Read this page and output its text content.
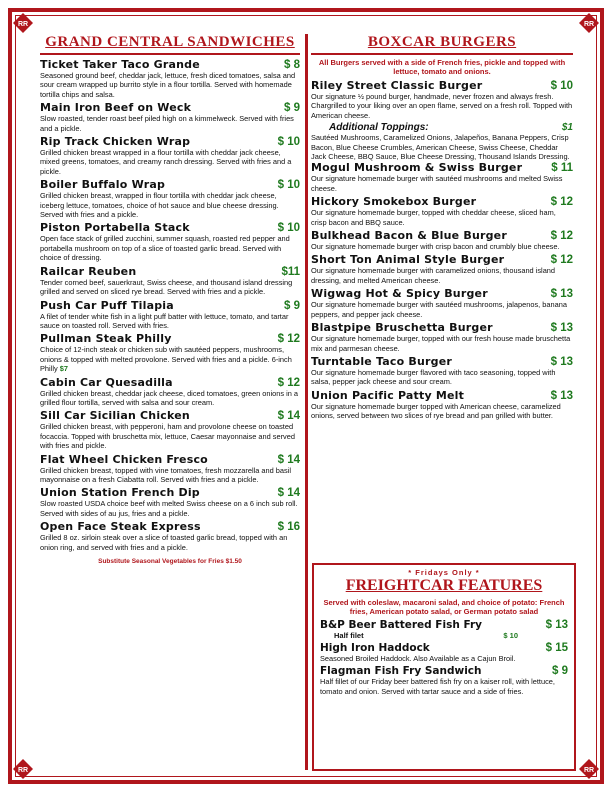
RR	RR
RR	RR
GRAND CENTRAL SANDWICHES
Ticket Taker Taco Grande	$ 8
Seasoned ground beef, cheddar jack, lettuce, fresh diced tomatoes, salsa and sour cream wrapped up burrito style in a flour tortilla. Served with homemade tortilla chips and salsa.
Main Iron Beef on Weck	$ 9
Slow roasted, tender roast beef piled high on a kimmelweck. Served with fries and a pickle.
Rip Track Chicken Wrap	$ 10
Grilled chicken breast wrapped in a flour tortilla with cheddar jack cheese, mixed greens, tomatoes, and creamy ranch dressing. Served with fries and a pickle.
Boiler Buffalo Wrap	$ 10
Grilled chicken breast, wrapped in flour tortilla with cheddar jack cheese, iceberg lettuce, tomatoes, choice of hot sauce and blue cheese dressing. Served with fries and a pickle.
Piston Portabella Stack	$ 10
Open face stack of grilled zucchini, summer squash, roasted red pepper and portabella mushroom on top of a slice of toasted garlic bread. Served with choice of dressing.
Railcar Reuben	$11
Tender corned beef, sauerkraut, Swiss cheese, and thousand island dressing grilled and served on sliced rye bread. Served with fries and a pickle.
Push Car Puff Tilapia	$ 9
A filet of tender white fish in a light puff batter with lettuce, tomato, and tartar sauce on toasted roll. Served with fries.
Pullman Steak Philly	$ 12
Choice of 12-inch steak or chicken sub with sautéed peppers, mushrooms, onions & topped with melted provolone. Served with fries and a pickle. 6-inch Philly $7
Cabin Car Quesadilla	$ 12
Grilled chicken breast, cheddar jack cheese, diced tomatoes, green onions in a grilled flour tortilla, served with salsa and sour cream.
Sill Car Sicilian Chicken	$ 14
Grilled chicken breast, with pepperoni, ham and provolone cheese on toasted focaccia. Topped with bruschetta mix, lettuce, Caesar mayonnaise and served with fries and pickle.
Flat Wheel Chicken Fresco	$ 14
Grilled chicken breast, topped with vine tomatoes, fresh mozzarella and basil mayonnaise on a fresh Ciabatta roll. Served with fries and a pickle.
Union Station French Dip	$ 14
Slow roasted USDA choice beef with melted Swiss cheese on a 6 inch sub roll. Served with sides of au jus, fries and a pickle.
Open Face Steak Express	$ 16
Grilled 8 oz. sirloin steak over a slice of toasted garlic bread, topped with an onion ring, and served with fries and a pickle.
Substitute Seasonal Vegetables for Fries $1.50
BOXCAR BURGERS
All Burgers served with a side of French fries, pickle and topped with lettuce, tomato and onions.
Riley Street Classic Burger	$ 10
Our signature ½ pound burger, handmade, never frozen and always fresh. Chargrilled to your liking over an open flame, served on a fresh roll. Topped with American cheese.
Additional Toppings:	$1
Sautéed Mushrooms, Caramelized Onions, Jalapeños, Banana Peppers, Crisp Bacon, Blue Cheese Crumbles, American Cheese, Swiss Cheese, Cheddar Jack Cheese, BBQ Sauce, Blue Cheese Dressing, Thousand Islands Dressing.
Mogul Mushroom & Swiss Burger	$ 11
Our signature homemade burger with sautéed mushrooms and melted Swiss cheese.
Hickory Smokebox Burger	$ 12
Our signature homemade burger, topped with cheddar cheese, sliced ham, crisp bacon and BBQ sauce.
Bulkhead Bacon & Blue Burger	$ 12
Our signature homemade burger with crisp bacon and crumbly blue cheese.
Short Ton Animal Style Burger	$ 12
Our signature homemade burger with caramelized onions, thousand island dressing, and melted American cheese.
Wigwag Hot & Spicy Burger	$ 13
Our signature homemade burger with sautéed mushrooms, jalapenos, banana peppers, and pepper jack cheese.
Blastpipe Bruschetta Burger	$ 13
Our signature homemade burger, topped with our fresh house made bruschetta mix and parmesan cheese.
Turntable Taco Burger	$ 13
Our signature homemade burger flavored with taco seasoning, topped with salsa, pepper jack cheese and sour cream.
Union Pacific Patty Melt	$ 13
Our signature homemade burger topped with American cheese, caramelized onions, served between two slices of rye bread and pan grilled with butter.
* Fridays Only *
FREIGHTCAR FEATURES
Served with coleslaw, macaroni salad, and choice of potato: French fries, American potato salad, or German potato salad
B&P Beer Battered Fish Fry	$ 13
Half filet	$ 10
High Iron Haddock	$ 15
Seasoned Broiled Haddock. Also Available as a Cajun Broil.
Flagman Fish Fry Sandwich	$ 9
Half fillet of our Friday beer battered fish fry on a kaiser roll, with lettuce, tomato and onion. Served with tartar sauce and a side of fries.
